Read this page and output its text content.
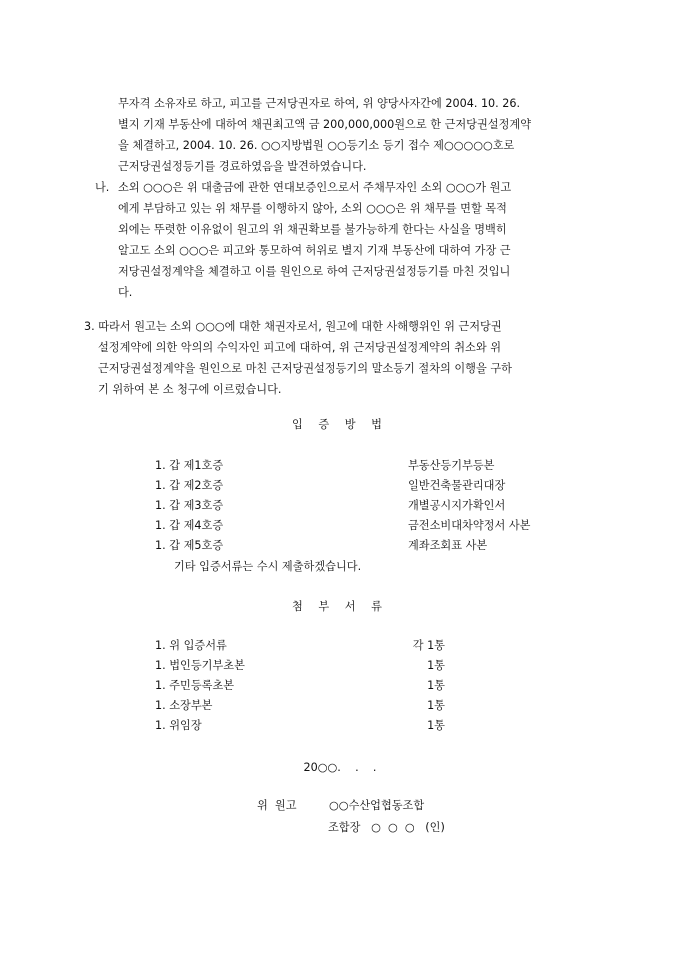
무자격 소유자로 하고, 피고를 근저당권자로 하여, 위 양당사자간에 2004. 10. 26.
별지 기재 부동산에 대하여 채권최고액 금 200,000,000원으로 한 근저당권설정계약
을 체결하고, 2004. 10. 26. ○○지방법원 ○○등기소 등기 접수 제○○○○○호로
근저당권설정등기를 경료하였음을 발견하였습니다.
나. 소외 ○○○은 위 대출금에 관한 연대보증인으로서 주채무자인 소외 ○○○가 원고
에게 부담하고 있는 위 채무를 이행하지 않아, 소외 ○○○은 위 채무를 면할 목적
외에는 뚜렷한 이유없이 원고의 위 채권확보를 불가능하게 한다는 사실을 명백히
알고도 소외 ○○○은 피고와 통모하여 허위로 별지 기재 부동산에 대하여 가장 근
저당권설정계약을 체결하고 이를 원인으로 하여 근저당권설정등기를 마친 것입니
다.
3. 따라서 원고는 소외 ○○○에 대한 채권자로서, 원고에 대한 사해행위인 위 근저당권
설정계약에 의한 악의의 수익자인 피고에 대하여, 위 근저당권설정계약의 취소와 위
근저당권설정계약을 원인으로 마친 근저당권설정등기의 말소등기 절차의 이행을 구하
기 위하여 본 소 청구에 이르렀습니다.
입 증 방 법
1. 갑 제1호증	부동산등기부등본
1. 갑 제2호증	일반건축물관리대장
1. 갑 제3호증	개별공시지가확인서
1. 갑 제4호증	금전소비대차약정서 사본
1. 갑 제5호증	계좌조회표 사본
기타 입증서류는 수시 제출하겠습니다.
첨 부 서 류
1. 위 입증서류	각 1통
1. 법인등기부초본	1통
1. 주민등록초본	1통
1. 소장부본	1통
1. 위임장	1통
20○○.    .    .
위  원고	○○수산업협동조합
조합장   ○  ○  ○   (인)
